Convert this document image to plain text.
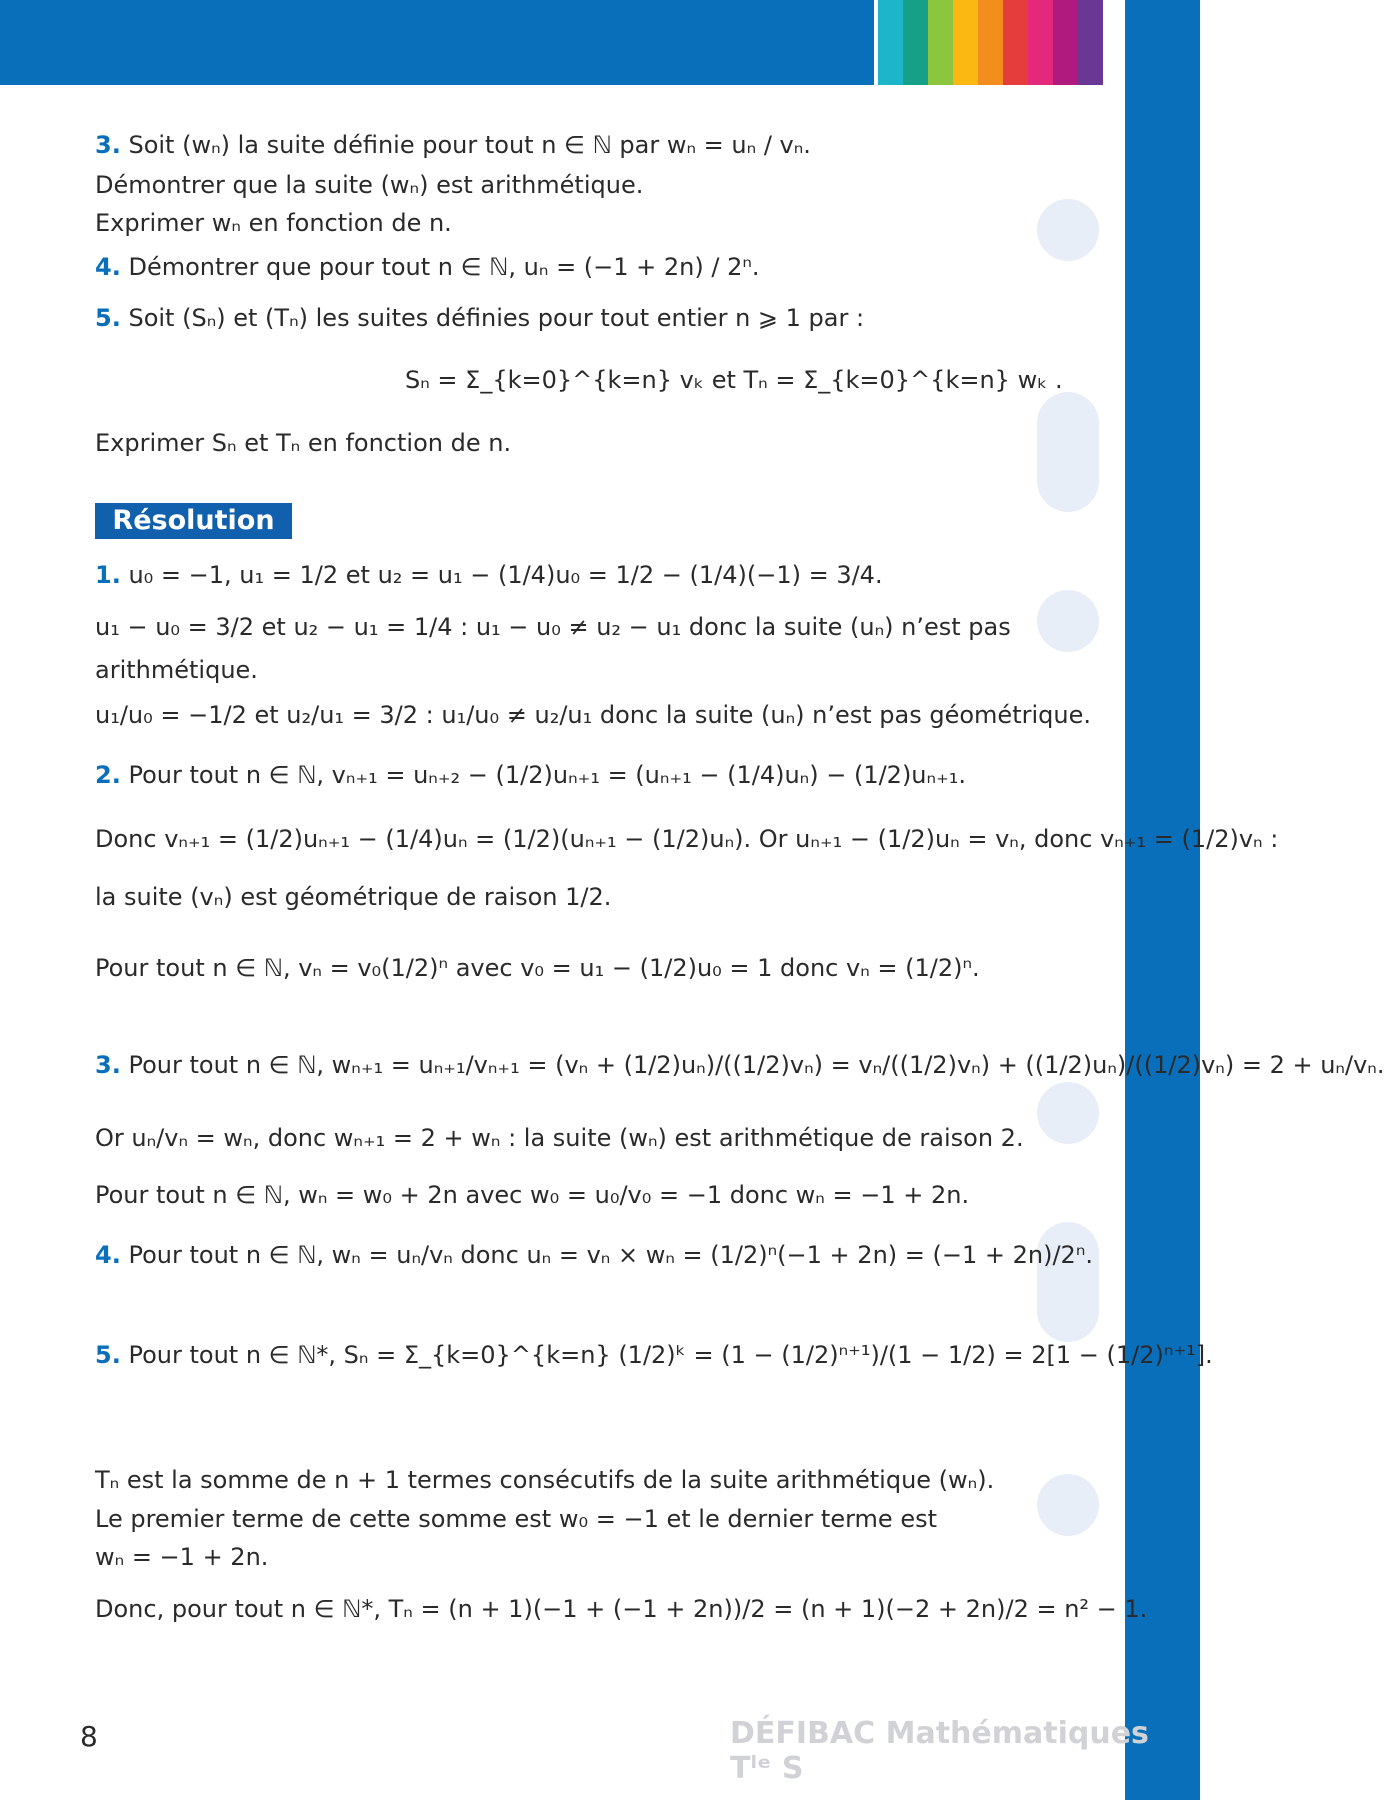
3. Soit (wₙ) la suite définie pour tout n ∈ ℕ par wₙ = uₙ / vₙ.
Démontrer que la suite (wₙ) est arithmétique.
Exprimer wₙ en fonction de n.
4. Démontrer que pour tout n ∈ ℕ, uₙ = (−1 + 2n) / 2ⁿ.
5. Soit (Sₙ) et (Tₙ) les suites définies pour tout entier n ⩾ 1 par :
Sₙ = Σ_{k=0}^{k=n} vₖ et Tₙ = Σ_{k=0}^{k=n} wₖ .
Exprimer Sₙ et Tₙ en fonction de n.
Résolution
1. u₀ = −1, u₁ = 1/2 et u₂ = u₁ − (1/4)u₀ = 1/2 − (1/4)(−1) = 3/4.
u₁ − u₀ = 3/2 et u₂ − u₁ = 1/4 : u₁ − u₀ ≠ u₂ − u₁ donc la suite (uₙ) n’est pas
arithmétique.
u₁/u₀ = −1/2 et u₂/u₁ = 3/2 : u₁/u₀ ≠ u₂/u₁ donc la suite (uₙ) n’est pas géométrique.
2. Pour tout n ∈ ℕ, vₙ₊₁ = uₙ₊₂ − (1/2)uₙ₊₁ = (uₙ₊₁ − (1/4)uₙ) − (1/2)uₙ₊₁.
Donc vₙ₊₁ = (1/2)uₙ₊₁ − (1/4)uₙ = (1/2)(uₙ₊₁ − (1/2)uₙ). Or uₙ₊₁ − (1/2)uₙ = vₙ, donc vₙ₊₁ = (1/2)vₙ :
la suite (vₙ) est géométrique de raison 1/2.
Pour tout n ∈ ℕ, vₙ = v₀(1/2)ⁿ avec v₀ = u₁ − (1/2)u₀ = 1 donc vₙ = (1/2)ⁿ.
3. Pour tout n ∈ ℕ, wₙ₊₁ = uₙ₊₁/vₙ₊₁ = (vₙ + (1/2)uₙ)/((1/2)vₙ) = vₙ/((1/2)vₙ) + ((1/2)uₙ)/((1/2)vₙ) = 2 + uₙ/vₙ.
Or uₙ/vₙ = wₙ, donc wₙ₊₁ = 2 + wₙ : la suite (wₙ) est arithmétique de raison 2.
Pour tout n ∈ ℕ, wₙ = w₀ + 2n avec w₀ = u₀/v₀ = −1 donc wₙ = −1 + 2n.
4. Pour tout n ∈ ℕ, wₙ = uₙ/vₙ donc uₙ = vₙ × wₙ = (1/2)ⁿ(−1 + 2n) = (−1 + 2n)/2ⁿ.
5. Pour tout n ∈ ℕ*, Sₙ = Σ_{k=0}^{k=n} (1/2)ᵏ = (1 − (1/2)ⁿ⁺¹)/(1 − 1/2) = 2[1 − (1/2)ⁿ⁺¹].
Tₙ est la somme de n + 1 termes consécutifs de la suite arithmétique (wₙ).
Le premier terme de cette somme est w₀ = −1 et le dernier terme est
wₙ = −1 + 2n.
Donc, pour tout n ∈ ℕ*, Tₙ = (n + 1)(−1 + (−1 + 2n))/2 = (n + 1)(−2 + 2n)/2 = n² − 1.
8	DÉFIBAC Mathématiques Tˡᵉ S
